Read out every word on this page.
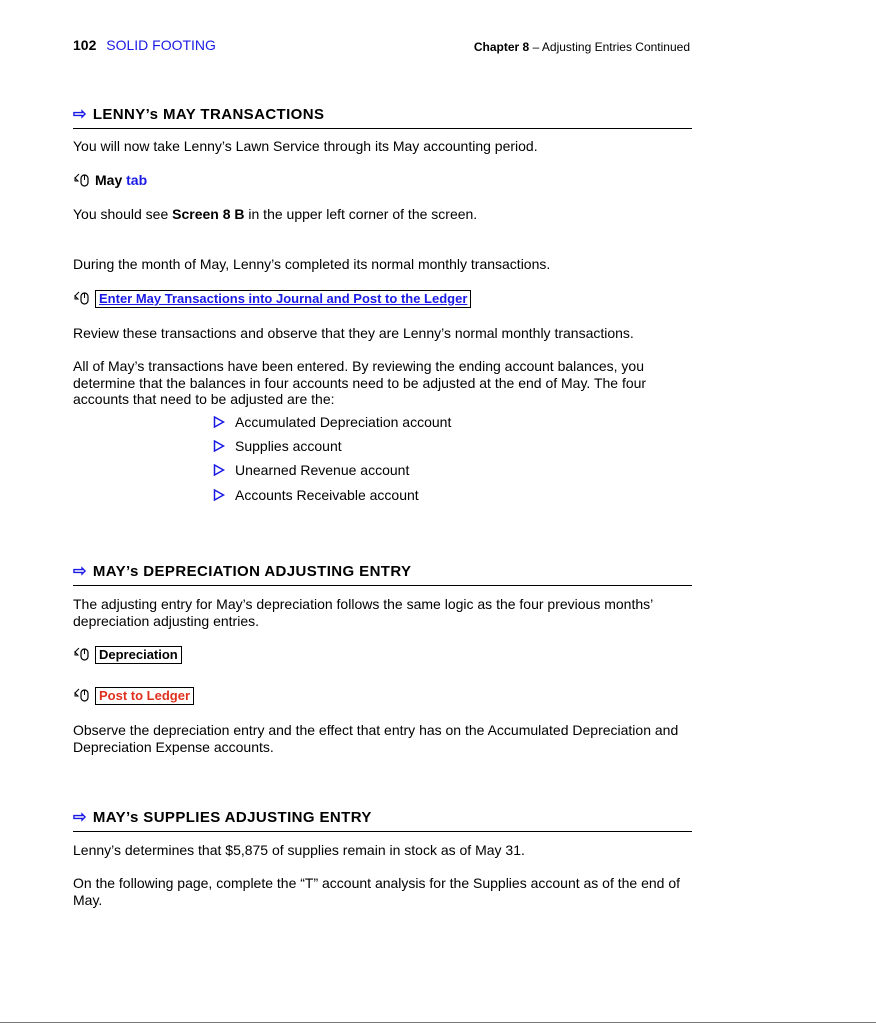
102 SOLID FOOTING	Chapter 8 – Adjusting Entries Continued
⇨ LENNY’s MAY TRANSACTIONS
You will now take Lenny’s Lawn Service through its May accounting period.
May tab
You should see Screen 8 B in the upper left corner of the screen.
During the month of May, Lenny’s completed its normal monthly transactions.
Enter May Transactions into Journal and Post to the Ledger
Review these transactions and observe that they are Lenny’s normal monthly transactions.
All of May’s transactions have been entered. By reviewing the ending account balances, you
determine that the balances in four accounts need to be adjusted at the end of May. The four
accounts that need to be adjusted are the:
Accumulated Depreciation account
Supplies account
Unearned Revenue account
Accounts Receivable account
⇨ MAY’s DEPRECIATION ADJUSTING ENTRY
The adjusting entry for May’s depreciation follows the same logic as the four previous months’
depreciation adjusting entries.
Depreciation
Post to Ledger
Observe the depreciation entry and the effect that entry has on the Accumulated Depreciation and
Depreciation Expense accounts.
⇨ MAY’s SUPPLIES ADJUSTING ENTRY
Lenny’s determines that $5,875 of supplies remain in stock as of May 31.
On the following page, complete the “T” account analysis for the Supplies account as of the end of
May.
